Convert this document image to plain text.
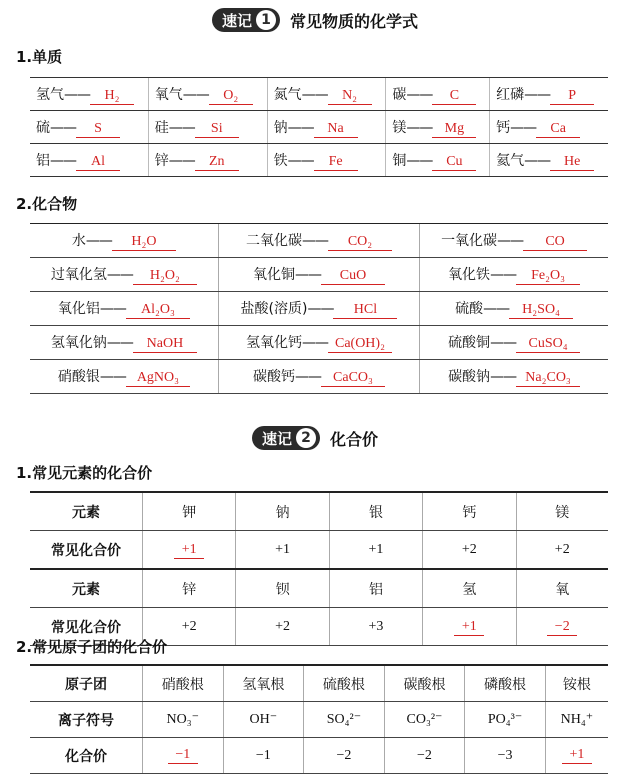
速记 1	常见物质的化学式
1.单质
氢气—— H₂	氧气—— O₂	氮气—— N₂	碳—— C	红磷—— P
硫—— S	硅—— Si	钠—— Na	镁—— Mg	钙—— Ca
铝—— Al	锌—— Zn	铁—— Fe	铜—— Cu	氦气—— He
2.化合物
水—— H₂O	二氧化碳—— CO₂	一氧化碳—— CO
过氧化氢—— H₂O₂	氧化铜—— CuO	氧化铁—— Fe₂O₃
氧化铝—— Al₂O₃	盐酸(溶质)—— HCl	硫酸—— H₂SO₄
氢氧化钠—— NaOH	氢氧化钙—— Ca(OH)₂	硫酸铜—— CuSO₄
硝酸银—— AgNO₃	碳酸钙—— CaCO₃	碳酸钠—— Na₂CO₃
速记 2	化合价
1.常见元素的化合价
元素	钾	钠	银	钙	镁
常见化合价	+1	+1	+1	+2	+2
元素	锌	钡	铝	氢	氧
常见化合价	+2	+2	+3	+1	−2
2.常见原子团的化合价
原子团	硝酸根	氢氧根	硫酸根	碳酸根	磷酸根	铵根
离子符号	NO₃⁻	OH⁻	SO₄²⁻	CO₃²⁻	PO₄³⁻	NH₄⁺
化合价	−1	−1	−2	−2	−3	+1
